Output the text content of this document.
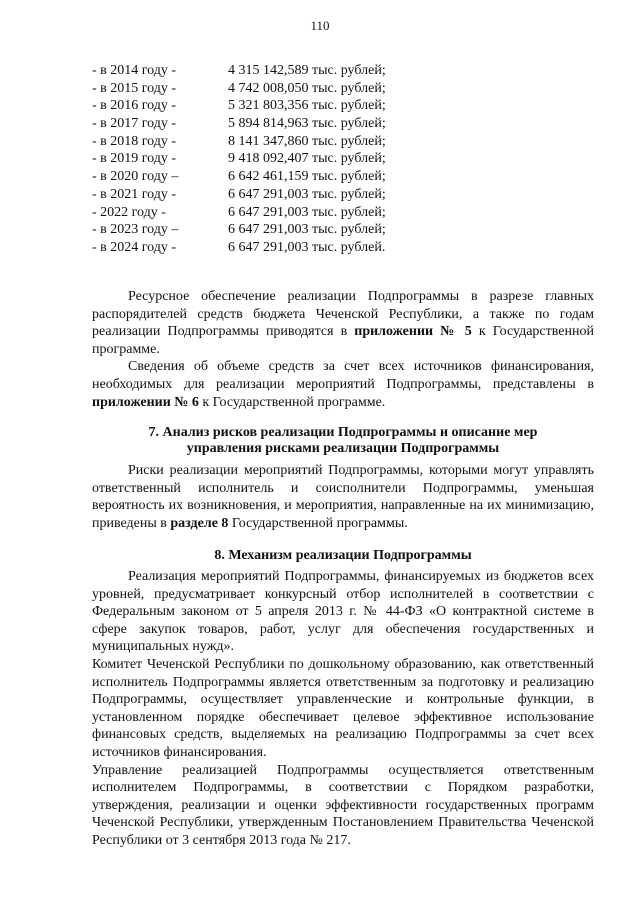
110
- в 2014 году -	4 315 142,589 тыс. рублей;
- в 2015 году -	4 742 008,050 тыс. рублей;
- в 2016 году -	5 321 803,356 тыс. рублей;
- в 2017 году -	5 894 814,963 тыс. рублей;
- в 2018 году -	8 141 347,860 тыс. рублей;
- в 2019 году -	9 418 092,407 тыс. рублей;
- в 2020 году –	6 642 461,159 тыс. рублей;
- в 2021 году -	6 647 291,003 тыс. рублей;
- 2022 году -	6 647 291,003 тыс. рублей;
- в 2023 году –	6 647 291,003 тыс. рублей;
- в 2024 году -	6 647 291,003 тыс. рублей.

Ресурсное обеспечение реализации Подпрограммы в разрезе главных распорядителей средств бюджета Чеченской Республики, а также по годам реализации Подпрограммы приводятся в приложении № 5 к Государственной программе.

Сведения об объеме средств за счет всех источников финансирования, необходимых для реализации мероприятий Подпрограммы, представлены в приложении № 6 к Государственной программе.

7. Анализ рисков реализации Подпрограммы и описание мер управления рисками реализации Подпрограммы

Риски реализации мероприятий Подпрограммы, которыми могут управлять ответственный исполнитель и соисполнители Подпрограммы, уменьшая вероятность их возникновения, и мероприятия, направленные на их минимизацию, приведены в разделе 8 Государственной программы.

8. Механизм реализации Подпрограммы

Реализация мероприятий Подпрограммы, финансируемых из бюджетов всех уровней, предусматривает конкурсный отбор исполнителей в соответствии с Федеральным законом от 5 апреля 2013 г. № 44-ФЗ «О контрактной системе в сфере закупок товаров, работ, услуг для обеспечения государственных и муниципальных нужд».

Комитет Чеченской Республики по дошкольному образованию, как ответственный исполнитель Подпрограммы является ответственным за подготовку и реализацию Подпрограммы, осуществляет управленческие и контрольные функции, в установленном порядке обеспечивает целевое эффективное использование финансовых средств, выделяемых на реализацию Подпрограммы за счет всех источников финансирования.

Управление реализацией Подпрограммы осуществляется ответственным исполнителем Подпрограммы, в соответствии с Порядком разработки, утверждения, реализации и оценки эффективности государственных программ Чеченской Республики, утвержденным Постановлением Правительства Чеченской Республики от 3 сентября 2013 года № 217.
